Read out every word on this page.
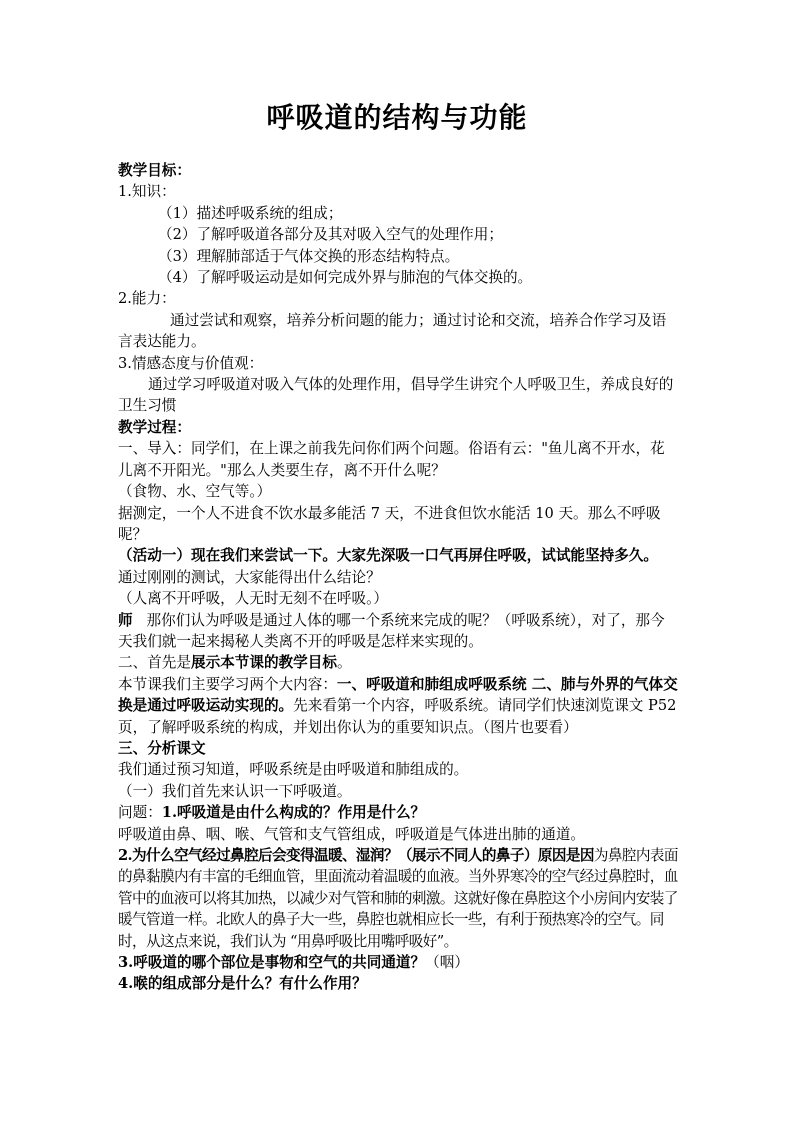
呼吸道的结构与功能

教学目标：

1.知识：

（1）描述呼吸系统的组成；

（2）了解呼吸道各部分及其对吸入空气的处理作用；

（3）理解肺部适于气体交换的形态结构特点。

（4）了解呼吸运动是如何完成外界与肺泡的气体交换的。

2.能力：

通过尝试和观察，培养分析问题的能力；通过讨论和交流，培养合作学习及语言表达能力。

3.情感态度与价值观：

通过学习呼吸道对吸入气体的处理作用，倡导学生讲究个人呼吸卫生，养成良好的卫生习惯

教学过程：

一、导入：同学们，在上课之前我先问你们两个问题。俗语有云："鱼儿离不开水，花儿离不开阳光。"那么人类要生存，离不开什么呢？

（食物、水、空气等。）

据测定，一个人不进食不饮水最多能活 7 天，不进食但饮水能活 10 天。那么不呼吸呢？

（活动一）现在我们来尝试一下。大家先深吸一口气再屏住呼吸，试试能坚持多久。

通过刚刚的测试，大家能得出什么结论？

（人离不开呼吸，人无时无刻不在呼吸。）

师 那你们认为呼吸是通过人体的哪一个系统来完成的呢？（呼吸系统），对了，那今天我们就一起来揭秘人类离不开的呼吸是怎样来实现的。

二、首先是展示本节课的教学目标。

本节课我们主要学习两个大内容：一、呼吸道和肺组成呼吸系统 二、肺与外界的气体交换是通过呼吸运动实现的。先来看第一个内容，呼吸系统。请同学们快速浏览课文 P52 页，了解呼吸系统的构成，并划出你认为的重要知识点。（图片也要看）

三、分析课文

我们通过预习知道，呼吸系统是由呼吸道和肺组成的。

（一）我们首先来认识一下呼吸道。

问题：1.呼吸道是由什么构成的？作用是什么？

呼吸道由鼻、咽、喉、气管和支气管组成，呼吸道是气体进出肺的通道。

2.为什么空气经过鼻腔后会变得温暖、湿润？（展示不同人的鼻子）原因是因为鼻腔内表面的鼻黏膜内有丰富的毛细血管，里面流动着温暖的血液。当外界寒冷的空气经过鼻腔时，血管中的血液可以将其加热，以减少对气管和肺的刺激。这就好像在鼻腔这个小房间内安装了暖气管道一样。北欧人的鼻子大一些，鼻腔也就相应长一些，有利于预热寒冷的空气。同时，从这点来说，我们认为 “用鼻呼吸比用嘴呼吸好”。

3.呼吸道的哪个部位是事物和空气的共同通道？（咽）

4.喉的组成部分是什么？有什么作用？
